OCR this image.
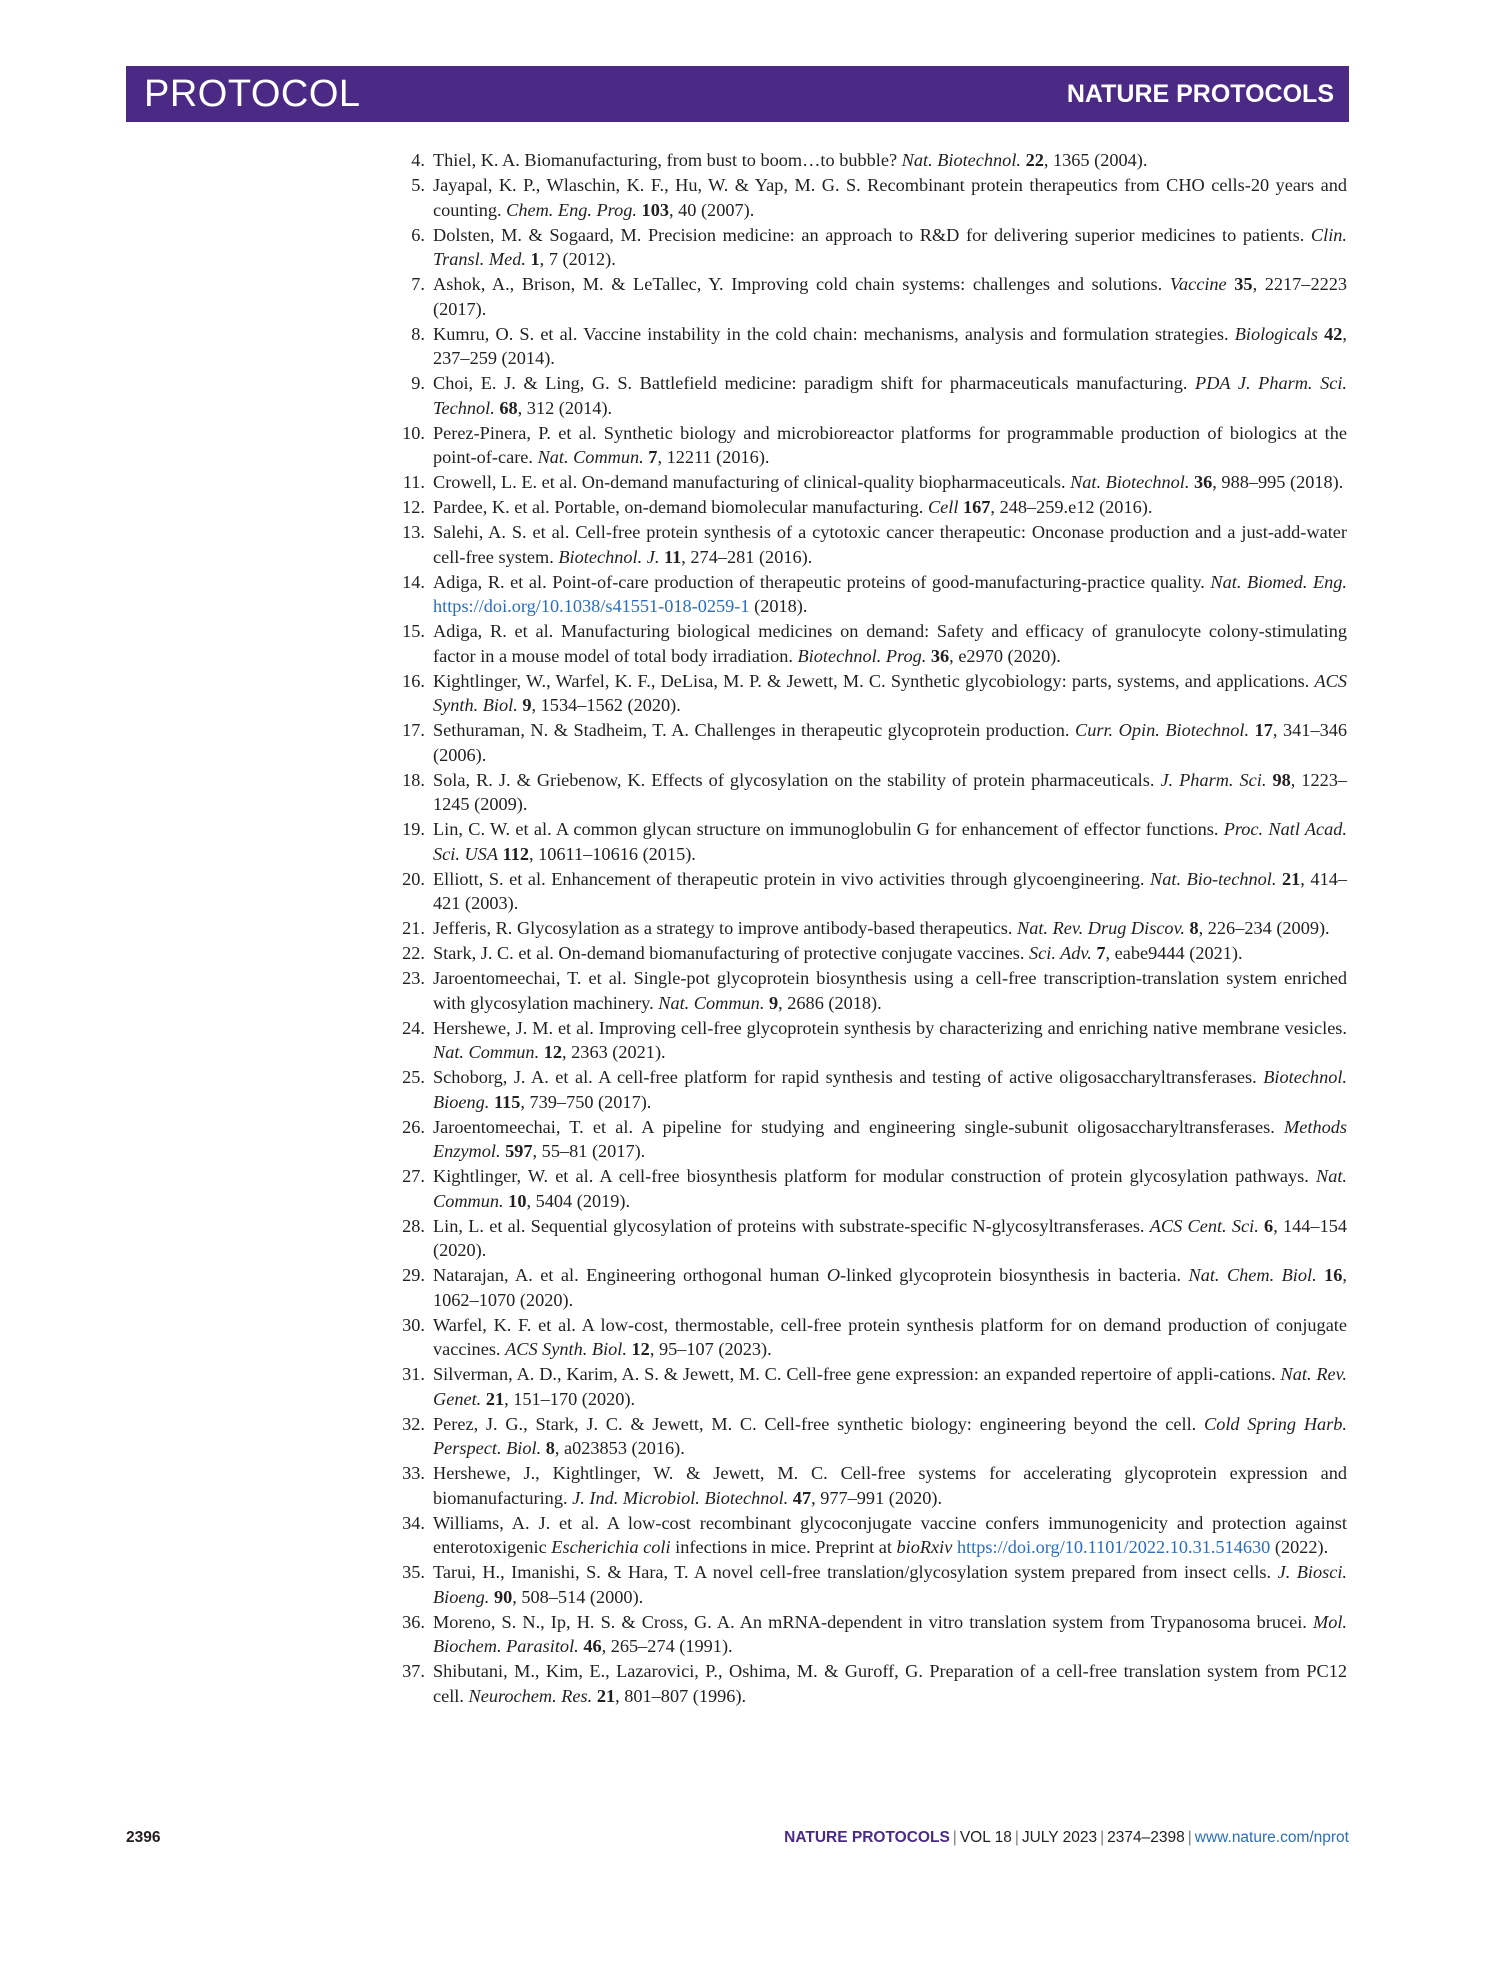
PROTOCOL	NATURE PROTOCOLS
4. Thiel, K. A. Biomanufacturing, from bust to boom…to bubble? Nat. Biotechnol. 22, 1365 (2004).
5. Jayapal, K. P., Wlaschin, K. F., Hu, W. & Yap, M. G. S. Recombinant protein therapeutics from CHO cells-20 years and counting. Chem. Eng. Prog. 103, 40 (2007).
6. Dolsten, M. & Sogaard, M. Precision medicine: an approach to R&D for delivering superior medicines to patients. Clin. Transl. Med. 1, 7 (2012).
7. Ashok, A., Brison, M. & LeTallec, Y. Improving cold chain systems: challenges and solutions. Vaccine 35, 2217–2223 (2017).
8. Kumru, O. S. et al. Vaccine instability in the cold chain: mechanisms, analysis and formulation strategies. Biologicals 42, 237–259 (2014).
9. Choi, E. J. & Ling, G. S. Battlefield medicine: paradigm shift for pharmaceuticals manufacturing. PDA J. Pharm. Sci. Technol. 68, 312 (2014).
10. Perez-Pinera, P. et al. Synthetic biology and microbioreactor platforms for programmable production of biologics at the point-of-care. Nat. Commun. 7, 12211 (2016).
11. Crowell, L. E. et al. On-demand manufacturing of clinical-quality biopharmaceuticals. Nat. Biotechnol. 36, 988–995 (2018).
12. Pardee, K. et al. Portable, on-demand biomolecular manufacturing. Cell 167, 248–259.e12 (2016).
13. Salehi, A. S. et al. Cell-free protein synthesis of a cytotoxic cancer therapeutic: Onconase production and a just-add-water cell-free system. Biotechnol. J. 11, 274–281 (2016).
14. Adiga, R. et al. Point-of-care production of therapeutic proteins of good-manufacturing-practice quality. Nat. Biomed. Eng. https://doi.org/10.1038/s41551-018-0259-1 (2018).
15. Adiga, R. et al. Manufacturing biological medicines on demand: Safety and efficacy of granulocyte colony-stimulating factor in a mouse model of total body irradiation. Biotechnol. Prog. 36, e2970 (2020).
16. Kightlinger, W., Warfel, K. F., DeLisa, M. P. & Jewett, M. C. Synthetic glycobiology: parts, systems, and applications. ACS Synth. Biol. 9, 1534–1562 (2020).
17. Sethuraman, N. & Stadheim, T. A. Challenges in therapeutic glycoprotein production. Curr. Opin. Biotechnol. 17, 341–346 (2006).
18. Sola, R. J. & Griebenow, K. Effects of glycosylation on the stability of protein pharmaceuticals. J. Pharm. Sci. 98, 1223–1245 (2009).
19. Lin, C. W. et al. A common glycan structure on immunoglobulin G for enhancement of effector functions. Proc. Natl Acad. Sci. USA 112, 10611–10616 (2015).
20. Elliott, S. et al. Enhancement of therapeutic protein in vivo activities through glycoengineering. Nat. Bio-technol. 21, 414–421 (2003).
21. Jefferis, R. Glycosylation as a strategy to improve antibody-based therapeutics. Nat. Rev. Drug Discov. 8, 226–234 (2009).
22. Stark, J. C. et al. On-demand biomanufacturing of protective conjugate vaccines. Sci. Adv. 7, eabe9444 (2021).
23. Jaroentomeechai, T. et al. Single-pot glycoprotein biosynthesis using a cell-free transcription-translation system enriched with glycosylation machinery. Nat. Commun. 9, 2686 (2018).
24. Hershewe, J. M. et al. Improving cell-free glycoprotein synthesis by characterizing and enriching native membrane vesicles. Nat. Commun. 12, 2363 (2021).
25. Schoborg, J. A. et al. A cell-free platform for rapid synthesis and testing of active oligosaccharyltransferases. Biotechnol. Bioeng. 115, 739–750 (2017).
26. Jaroentomeechai, T. et al. A pipeline for studying and engineering single-subunit oligosaccharyltransferases. Methods Enzymol. 597, 55–81 (2017).
27. Kightlinger, W. et al. A cell-free biosynthesis platform for modular construction of protein glycosylation pathways. Nat. Commun. 10, 5404 (2019).
28. Lin, L. et al. Sequential glycosylation of proteins with substrate-specific N-glycosyltransferases. ACS Cent. Sci. 6, 144–154 (2020).
29. Natarajan, A. et al. Engineering orthogonal human O-linked glycoprotein biosynthesis in bacteria. Nat. Chem. Biol. 16, 1062–1070 (2020).
30. Warfel, K. F. et al. A low-cost, thermostable, cell-free protein synthesis platform for on demand production of conjugate vaccines. ACS Synth. Biol. 12, 95–107 (2023).
31. Silverman, A. D., Karim, A. S. & Jewett, M. C. Cell-free gene expression: an expanded repertoire of appli-cations. Nat. Rev. Genet. 21, 151–170 (2020).
32. Perez, J. G., Stark, J. C. & Jewett, M. C. Cell-free synthetic biology: engineering beyond the cell. Cold Spring Harb. Perspect. Biol. 8, a023853 (2016).
33. Hershewe, J., Kightlinger, W. & Jewett, M. C. Cell-free systems for accelerating glycoprotein expression and biomanufacturing. J. Ind. Microbiol. Biotechnol. 47, 977–991 (2020).
34. Williams, A. J. et al. A low-cost recombinant glycoconjugate vaccine confers immunogenicity and protection against enterotoxigenic Escherichia coli infections in mice. Preprint at bioRxiv https://doi.org/10.1101/2022.10.31.514630 (2022).
35. Tarui, H., Imanishi, S. & Hara, T. A novel cell-free translation/glycosylation system prepared from insect cells. J. Biosci. Bioeng. 90, 508–514 (2000).
36. Moreno, S. N., Ip, H. S. & Cross, G. A. An mRNA-dependent in vitro translation system from Trypanosoma brucei. Mol. Biochem. Parasitol. 46, 265–274 (1991).
37. Shibutani, M., Kim, E., Lazarovici, P., Oshima, M. & Guroff, G. Preparation of a cell-free translation system from PC12 cell. Neurochem. Res. 21, 801–807 (1996).
2396	NATURE PROTOCOLS | VOL 18 | JULY 2023 | 2374–2398 | www.nature.com/nprot
